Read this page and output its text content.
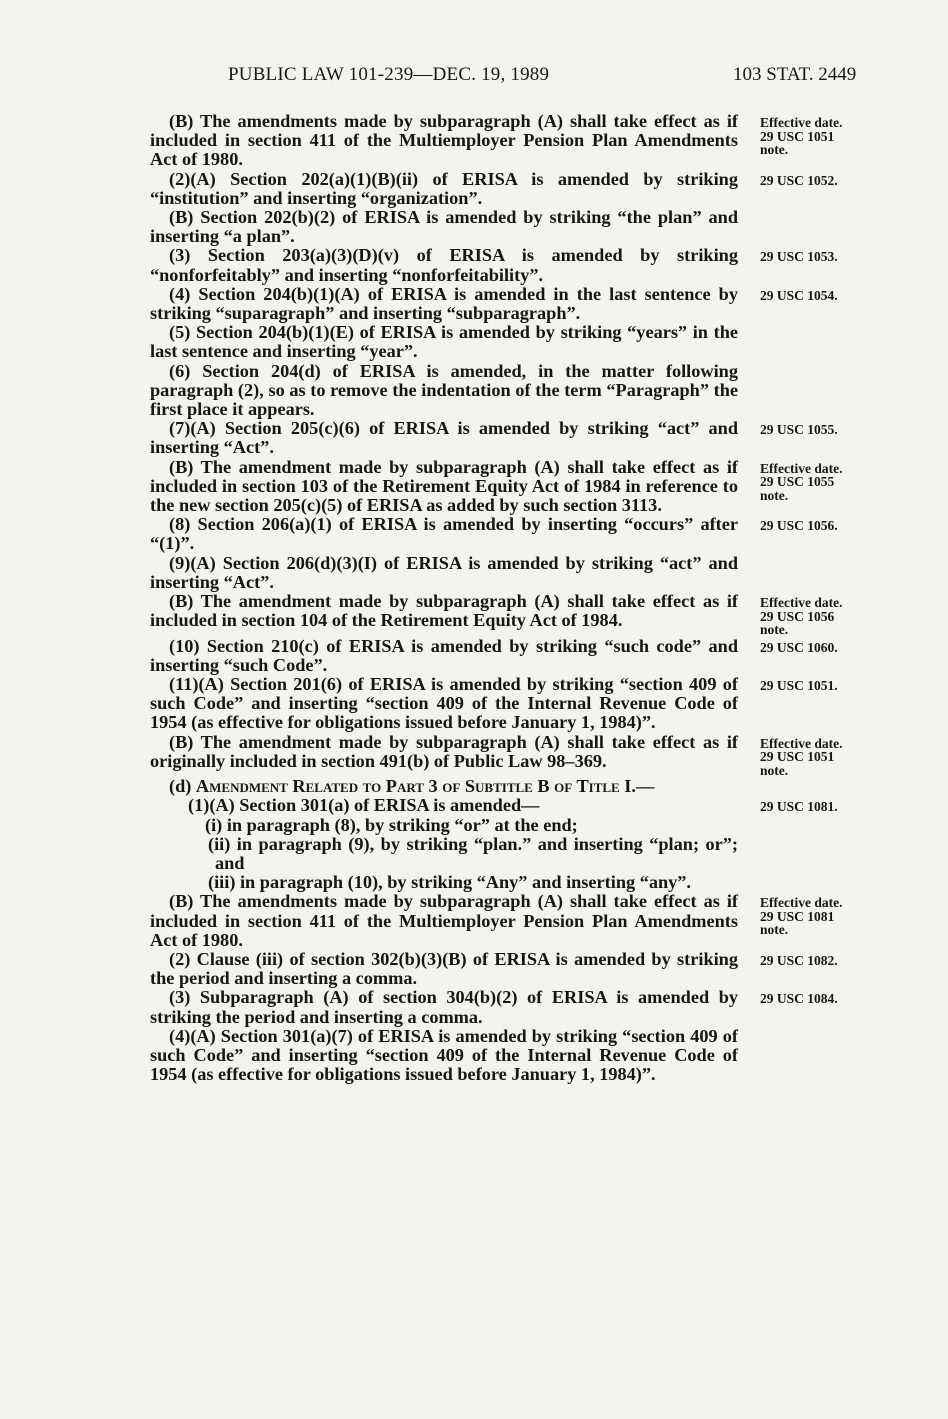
PUBLIC LAW 101-239—DEC. 19, 1989	103 STAT. 2449
(B) The amendments made by subparagraph (A) shall take effect as if included in section 411 of the Multiemployer Pension Plan Amendments Act of 1980.
Effective date.
29 USC 1051
note.
(2)(A) Section 202(a)(1)(B)(ii) of ERISA is amended by striking “institution” and inserting “organization”.
29 USC 1052.
(B) Section 202(b)(2) of ERISA is amended by striking “the plan” and inserting “a plan”.
(3) Section 203(a)(3)(D)(v) of ERISA is amended by striking “nonforfeitably” and inserting “nonforfeitability”.
29 USC 1053.
(4) Section 204(b)(1)(A) of ERISA is amended in the last sentence by striking “suparagraph” and inserting “subparagraph”.
29 USC 1054.
(5) Section 204(b)(1)(E) of ERISA is amended by striking “years” in the last sentence and inserting “year”.
(6) Section 204(d) of ERISA is amended, in the matter following paragraph (2), so as to remove the indentation of the term “Paragraph” the first place it appears.
(7)(A) Section 205(c)(6) of ERISA is amended by striking “act” and inserting “Act”.
29 USC 1055.
(B) The amendment made by subparagraph (A) shall take effect as if included in section 103 of the Retirement Equity Act of 1984 in reference to the new section 205(c)(5) of ERISA as added by such section 3113.
Effective date.
29 USC 1055
note.
(8) Section 206(a)(1) of ERISA is amended by inserting “occurs” after “(1)”.
29 USC 1056.
(9)(A) Section 206(d)(3)(I) of ERISA is amended by striking “act” and inserting “Act”.
(B) The amendment made by subparagraph (A) shall take effect as if included in section 104 of the Retirement Equity Act of 1984.
Effective date.
29 USC 1056
note.
(10) Section 210(c) of ERISA is amended by striking “such code” and inserting “such Code”.
29 USC 1060.
(11)(A) Section 201(6) of ERISA is amended by striking “section 409 of such Code” and inserting “section 409 of the Internal Revenue Code of 1954 (as effective for obligations issued before January 1, 1984)”.
29 USC 1051.
(B) The amendment made by subparagraph (A) shall take effect as if originally included in section 491(b) of Public Law 98–369.
Effective date.
29 USC 1051
note.
(d) Amendment Related to Part 3 of Subtitle B of Title I.—
(1)(A) Section 301(a) of ERISA is amended—	29 USC 1081.
(i) in paragraph (8), by striking “or” at the end;
(ii) in paragraph (9), by striking “plan.” and inserting “plan; or”; and
(iii) in paragraph (10), by striking “Any” and inserting “any”.
(B) The amendments made by subparagraph (A) shall take effect as if included in section 411 of the Multiemployer Pension Plan Amendments Act of 1980.
Effective date.
29 USC 1081
note.
(2) Clause (iii) of section 302(b)(3)(B) of ERISA is amended by striking the period and inserting a comma.
29 USC 1082.
(3) Subparagraph (A) of section 304(b)(2) of ERISA is amended by striking the period and inserting a comma.
29 USC 1084.
(4)(A) Section 301(a)(7) of ERISA is amended by striking “section 409 of such Code” and inserting “section 409 of the Internal Revenue Code of 1954 (as effective for obligations issued before January 1, 1984)”.
